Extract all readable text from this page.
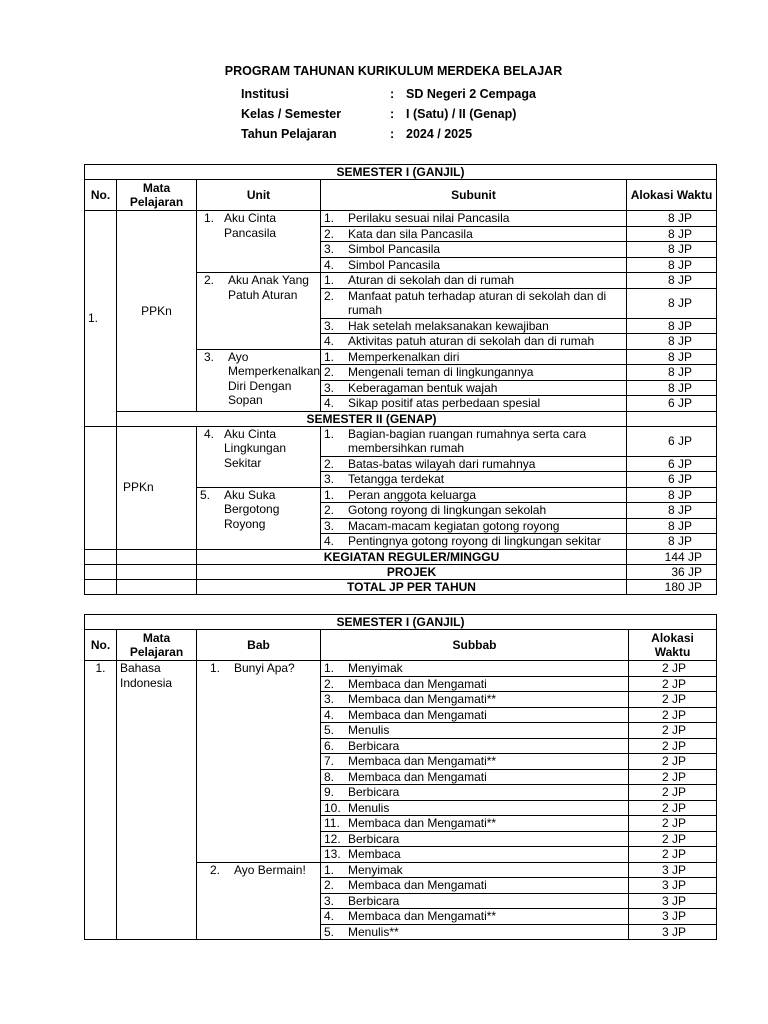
PROGRAM TAHUNAN KURIKULUM MERDEKA BELAJAR
Institusi	: SD Negeri 2 Cempaga
Kelas / Semester	: I (Satu) / II (Genap)
Tahun Pelajaran	: 2024 / 2025
SEMESTER I (GANJIL)				
No.	Mata Pelajaran	Unit	Subunit	Alokasi Waktu
1.	PPKn	1. Aku Cinta Pancasila	1. Perilaku sesuai nilai Pancasila	8 JP

			2. Kata dan sila Pancasila	8 JP

			3. Simbol Pancasila	8 JP

			4. Simbol Pancasila	8 JP

		2. Aku Anak Yang Patuh Aturan	1. Aturan di sekolah dan di rumah	8 JP

			2. Manfaat patuh terhadap aturan di sekolah dan di rumah	8 JP

			3. Hak setelah melaksanakan kewajiban	8 JP

			4. Aktivitas patuh aturan di sekolah dan di rumah	8 JP

		3. Ayo Memperkenalkan Diri Dengan Sopan	1. Memperkenalkan diri	8 JP

			2. Mengenali teman di lingkungannya	8 JP

			3. Keberagaman bentuk wajah	8 JP

			4. Sikap positif atas perbedaan spesial	6 JP
	SEMESTER II (GENAP)			
	PPKn	4. Aku Cinta Lingkungan Sekitar	1. Bagian-bagian ruangan rumahnya serta cara membersihkan rumah	6 JP

			2. Batas-batas wilayah dari rumahnya	6 JP

			3. Tetangga terdekat	6 JP

		5. Aku Suka Bergotong Royong	1. Peran anggota keluarga	8 JP

			2. Gotong royong di lingkungan sekolah	8 JP

			3. Macam-macam kegiatan gotong royong	8 JP

			4. Pentingnya gotong royong di lingkungan sekitar	8 JP
		KEGIATAN REGULER/MINGGU		144 JP
		PROJEK		36 JP
		TOTAL JP PER TAHUN		180 JP
SEMESTER I (GANJIL)				
No.	Mata Pelajaran	Bab	Subbab	Alokasi Waktu
1.	Bahasa Indonesia	1. Bunyi Apa?	1. Menyimak	2 JP

			2. Membaca dan Mengamati	2 JP

			3. Membaca dan Mengamati**	2 JP

			4. Membaca dan Mengamati	2 JP

			5. Menulis	2 JP

			6. Berbicara	2 JP

			7. Membaca dan Mengamati**	2 JP

			8. Membaca dan Mengamati	2 JP

			9. Berbicara	2 JP

			10. Menulis	2 JP

			11. Membaca dan Mengamati**	2 JP

			12. Berbicara	2 JP

			13. Membaca	2 JP

		2. Ayo Bermain!	1. Menyimak	3 JP

			2. Membaca dan Mengamati	3 JP

			3. Berbicara	3 JP

			4. Membaca dan Mengamati**	3 JP

			5. Menulis**	3 JP
